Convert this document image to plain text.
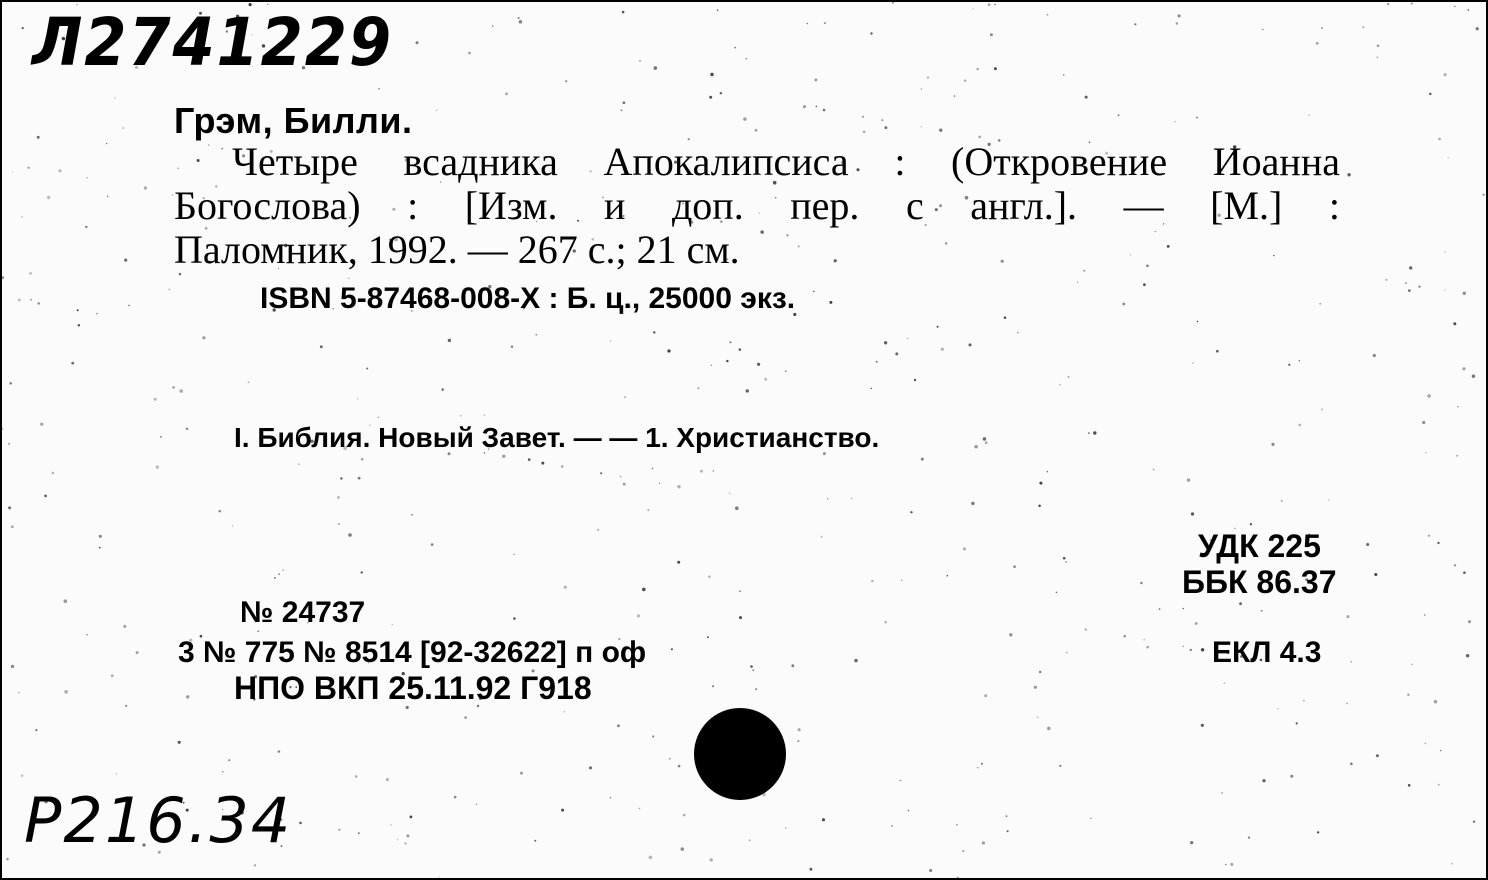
Л2741229
Грэм, Билли.

Четыре всадника Апокалипсиса : (Откровение Иоанна

Богослова) : [Изм. и доп. пер. с англ.]. — [М.] :

Паломник, 1992. — 267 с.; 21 см.

ISBN 5-87468-008-X : Б. ц., 25000 экз.
I. Библия. Новый Завет. — — 1. Христианство.
УДК 225
ББК 86.37
ЕКЛ 4.3
№ 24737
3 № 775 № 8514 [92-32622] п оф
НПО ВКП 25.11.92 Г918
P216.34
